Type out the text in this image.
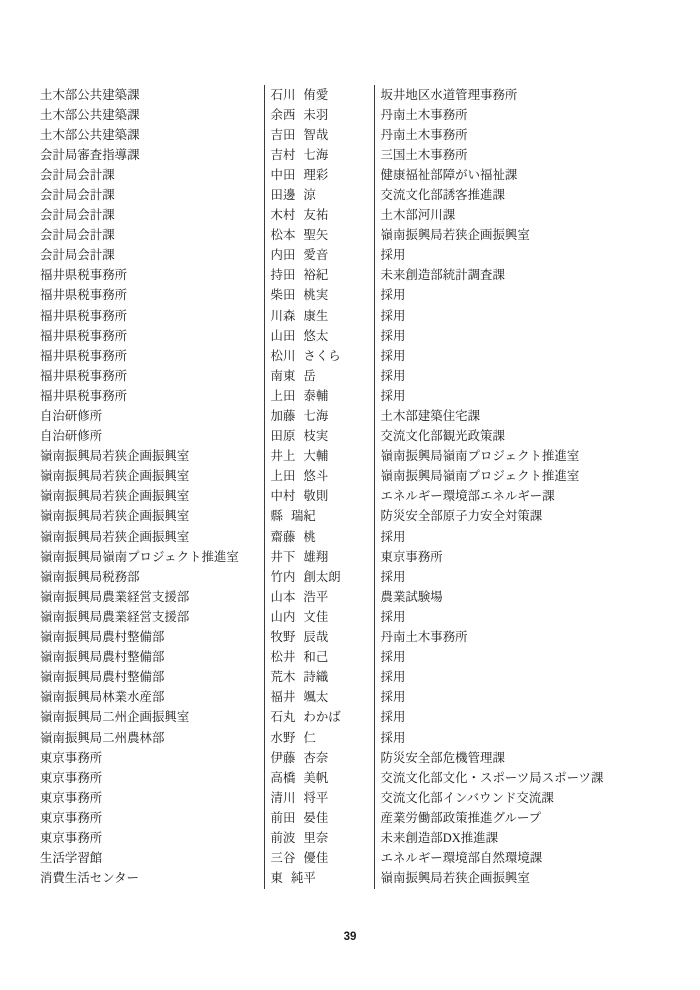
土木部公共建築課	石川 侑愛	坂井地区水道管理事務所
土木部公共建築課	余西 未羽	丹南土木事務所
土木部公共建築課	吉田 智哉	丹南土木事務所
会計局審査指導課	吉村 七海	三国土木事務所
会計局会計課	中田 理彩	健康福祉部障がい福祉課
会計局会計課	田邊 涼	交流文化部誘客推進課
会計局会計課	木村 友祐	土木部河川課
会計局会計課	松本 聖矢	嶺南振興局若狭企画振興室
会計局会計課	内田 愛音	採用
福井県税事務所	持田 裕紀	未来創造部統計調査課
福井県税事務所	柴田 桃実	採用
福井県税事務所	川森 康生	採用
福井県税事務所	山田 悠太	採用
福井県税事務所	松川 さくら	採用
福井県税事務所	南東 岳	採用
福井県税事務所	上田 泰輔	採用
自治研修所	加藤 七海	土木部建築住宅課
自治研修所	田原 枝実	交流文化部観光政策課
嶺南振興局若狭企画振興室	井上 大輔	嶺南振興局嶺南プロジェクト推進室
嶺南振興局若狭企画振興室	上田 悠斗	嶺南振興局嶺南プロジェクト推進室
嶺南振興局若狭企画振興室	中村 敬則	エネルギー環境部エネルギー課
嶺南振興局若狭企画振興室	縣 瑞紀	防災安全部原子力安全対策課
嶺南振興局若狭企画振興室	齋藤 桃	採用
嶺南振興局嶺南プロジェクト推進室	井下 雄翔	東京事務所
嶺南振興局税務部	竹内 創太朗	採用
嶺南振興局農業経営支援部	山本 浩平	農業試験場
嶺南振興局農業経営支援部	山内 文佳	採用
嶺南振興局農村整備部	牧野 辰哉	丹南土木事務所
嶺南振興局農村整備部	松井 和己	採用
嶺南振興局農村整備部	荒木 詩織	採用
嶺南振興局林業水産部	福井 颯太	採用
嶺南振興局二州企画振興室	石丸 わかば	採用
嶺南振興局二州農林部	水野 仁	採用
東京事務所	伊藤 杏奈	防災安全部危機管理課
東京事務所	高橋 美帆	交流文化部文化・スポーツ局スポーツ課
東京事務所	清川 将平	交流文化部インバウンド交流課
東京事務所	前田 晏佳	産業労働部政策推進グループ
東京事務所	前波 里奈	未来創造部DX推進課
生活学習館	三谷 優佳	エネルギー環境部自然環境課
消費生活センター	東 純平	嶺南振興局若狭企画振興室
39
